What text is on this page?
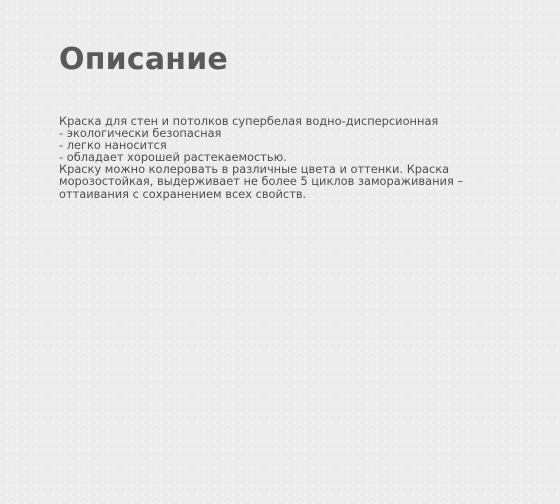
Описание
Краска для стен и потолков супербелая водно-дисперсионная
- экологически безопасная
- легко наносится
- обладает хорошей растекаемостью.
Краску можно колеровать в различные цвета и оттенки. Краска морозостойкая, выдерживает не более 5 циклов замораживания – оттаивания с сохранением всех свойств.
